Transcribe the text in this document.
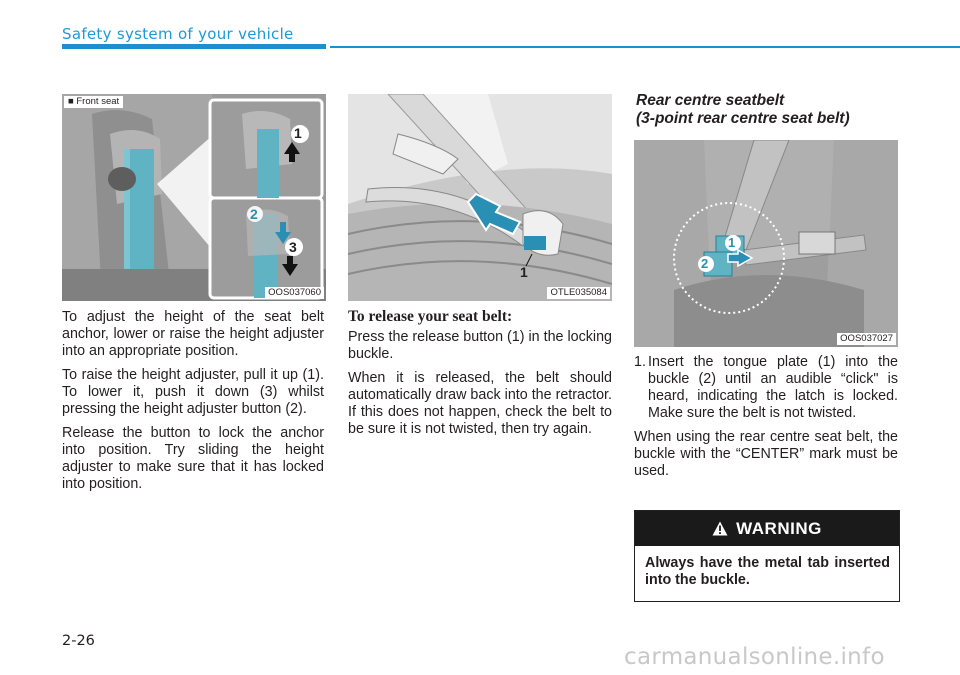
Safety system of your vehicle
1
2
3
■ Front seat
OOS037060

To adjust the height of the seat belt anchor, lower or raise the height adjuster into an appropriate position.

To raise the height adjuster, pull it up (1). To lower it, push it down (3) whilst pressing the height adjuster button (2).

Release the button to lock the anchor into position. Try sliding the height adjuster to make sure that it has locked into position.

1
OTLE035084
To release your seat belt:

Press the release button (1) in the locking buckle.

When it is released, the belt should automatically draw back into the retractor. If this does not happen, check the belt to be sure it is not twisted, then try again.

Rear centre seatbelt
(3-point rear centre seat belt)
1
2
OOS037027
1. Insert the tongue plate (1) into the buckle (2) until an audible “click" is heard, indicating the latch is locked. Make sure the belt is not twisted.

When using the rear centre seat belt, the buckle with the “CENTER” mark must be used.

WARNING
Always have the metal tab inserted into the buckle.
2-26
carmanualsonline.info
